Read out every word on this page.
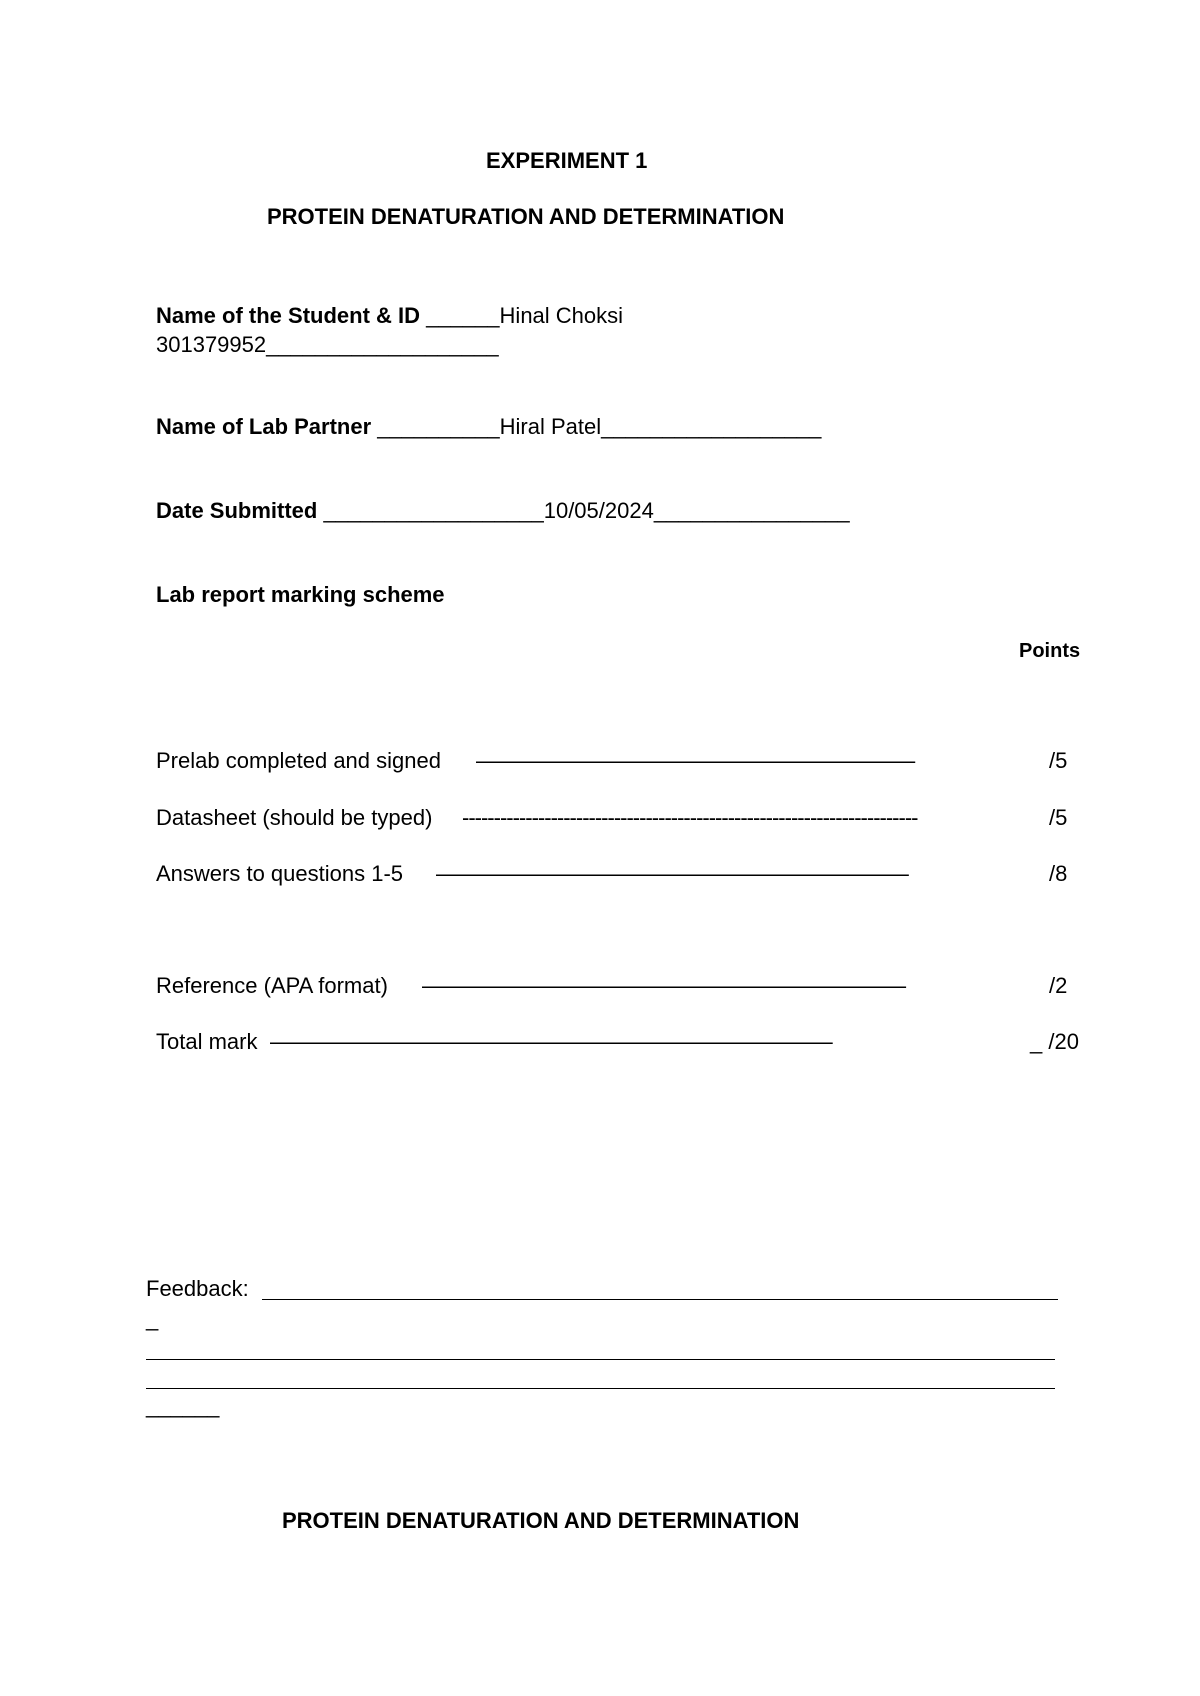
EXPERIMENT 1
PROTEIN DENATURATION AND DETERMINATION
Name of the Student & ID ______Hinal Choksi
301379952___________________
Name of Lab Partner __________Hiral Patel__________________
Date Submitted __________________10/05/2024________________
Lab report marking scheme
Points
Prelab completed and signed –––––––––––––––––––––––––––––––––––––––	/5
Datasheet (should be typed) ------------------------------------------------------------------------	/5
Answers to questions 1-5 ––––––––––––––––––––––––––––––––––––––––––	/8
Reference (APA format) –––––––––––––––––––––––––––––––––––––––––––	/2
Total mark ––––––––––––––––––––––––––––––––––––––––––––––––––	_ /20
Feedback:
_
______
PROTEIN DENATURATION AND DETERMINATION
